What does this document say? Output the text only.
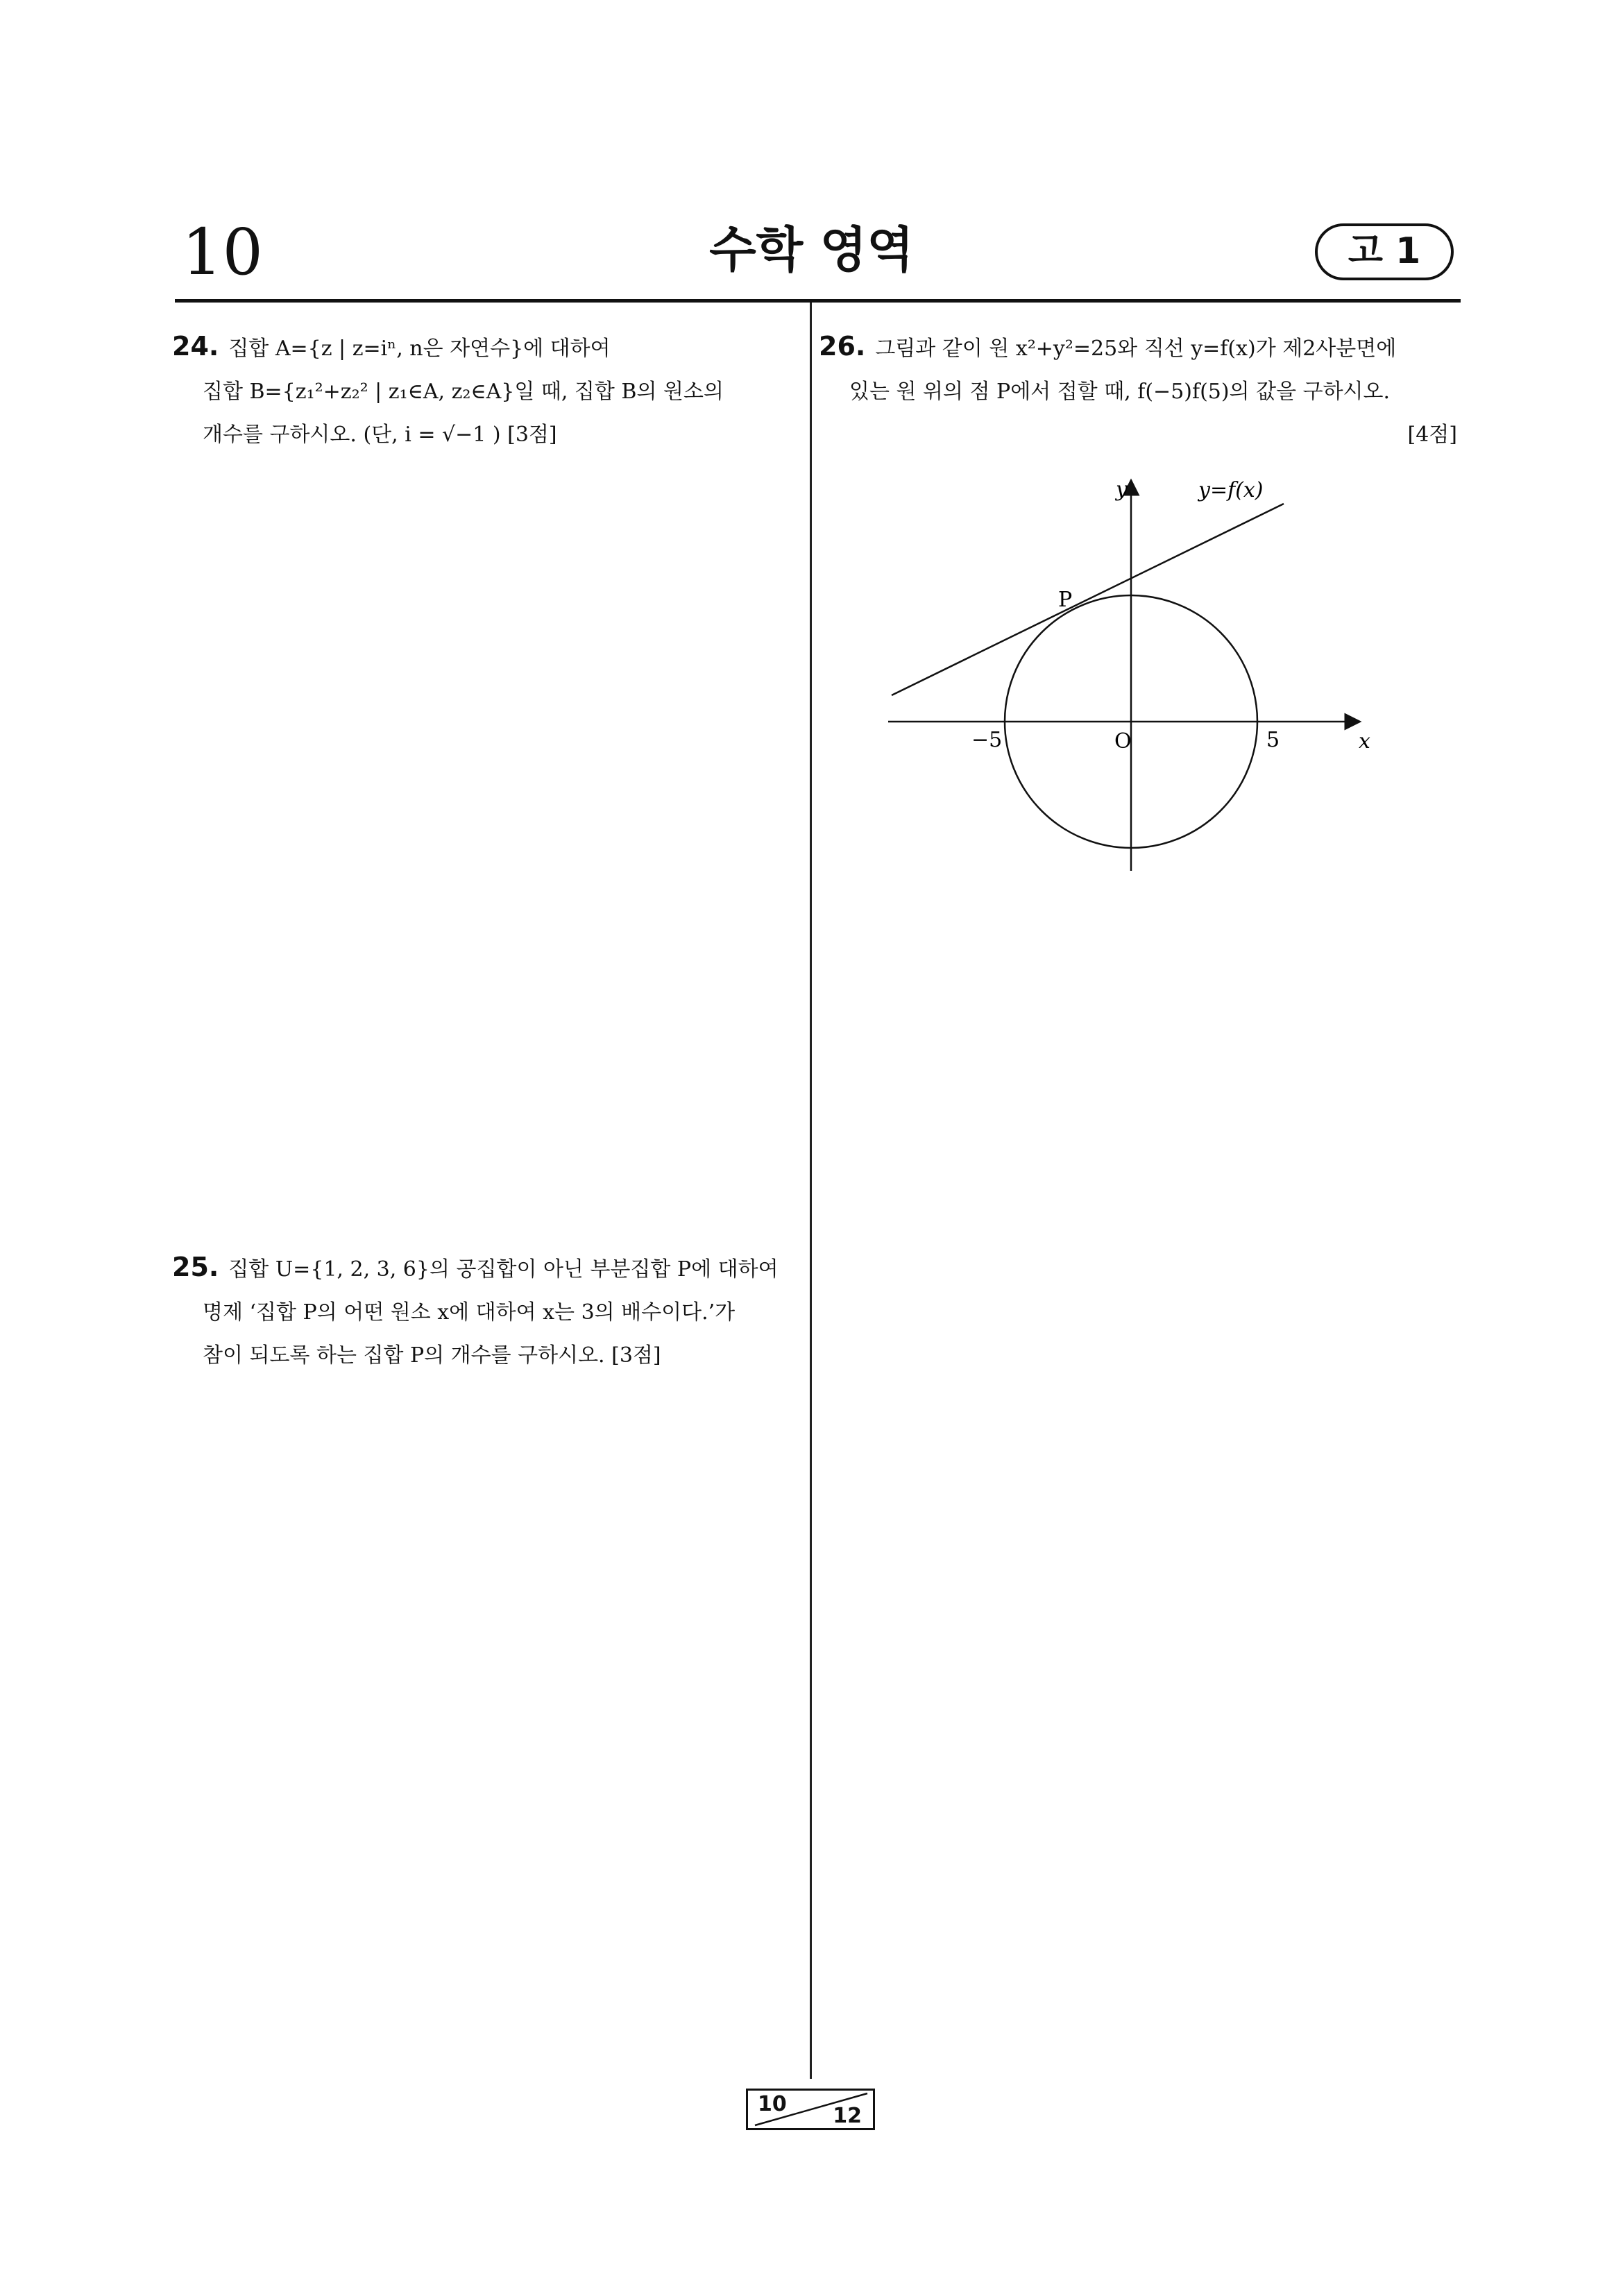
10	수학 영역	고 1
24. 집합 A={z | z=iⁿ, n은 자연수}에 대하여
집합 B={z₁²+z₂² | z₁∈A, z₂∈A}일 때, 집합 B의 원소의
개수를 구하시오. (단, i = √−1 ) [3점]
25. 집합 U={1, 2, 3, 6}의 공집합이 아닌 부분집합 P에 대하여
명제 ‘집합 P의 어떤 원소 x에 대하여 x는 3의 배수이다.’가
참이 되도록 하는 집합 P의 개수를 구하시오. [3점]
26. 그림과 같이 원 x²+y²=25와 직선 y=f(x)가 제2사분면에
있는 원 위의 점 P에서 접할 때, f(−5)f(5)의 값을 구하시오.
[4점]
y	y=f(x)
P
−5	O	5	x
10 12
